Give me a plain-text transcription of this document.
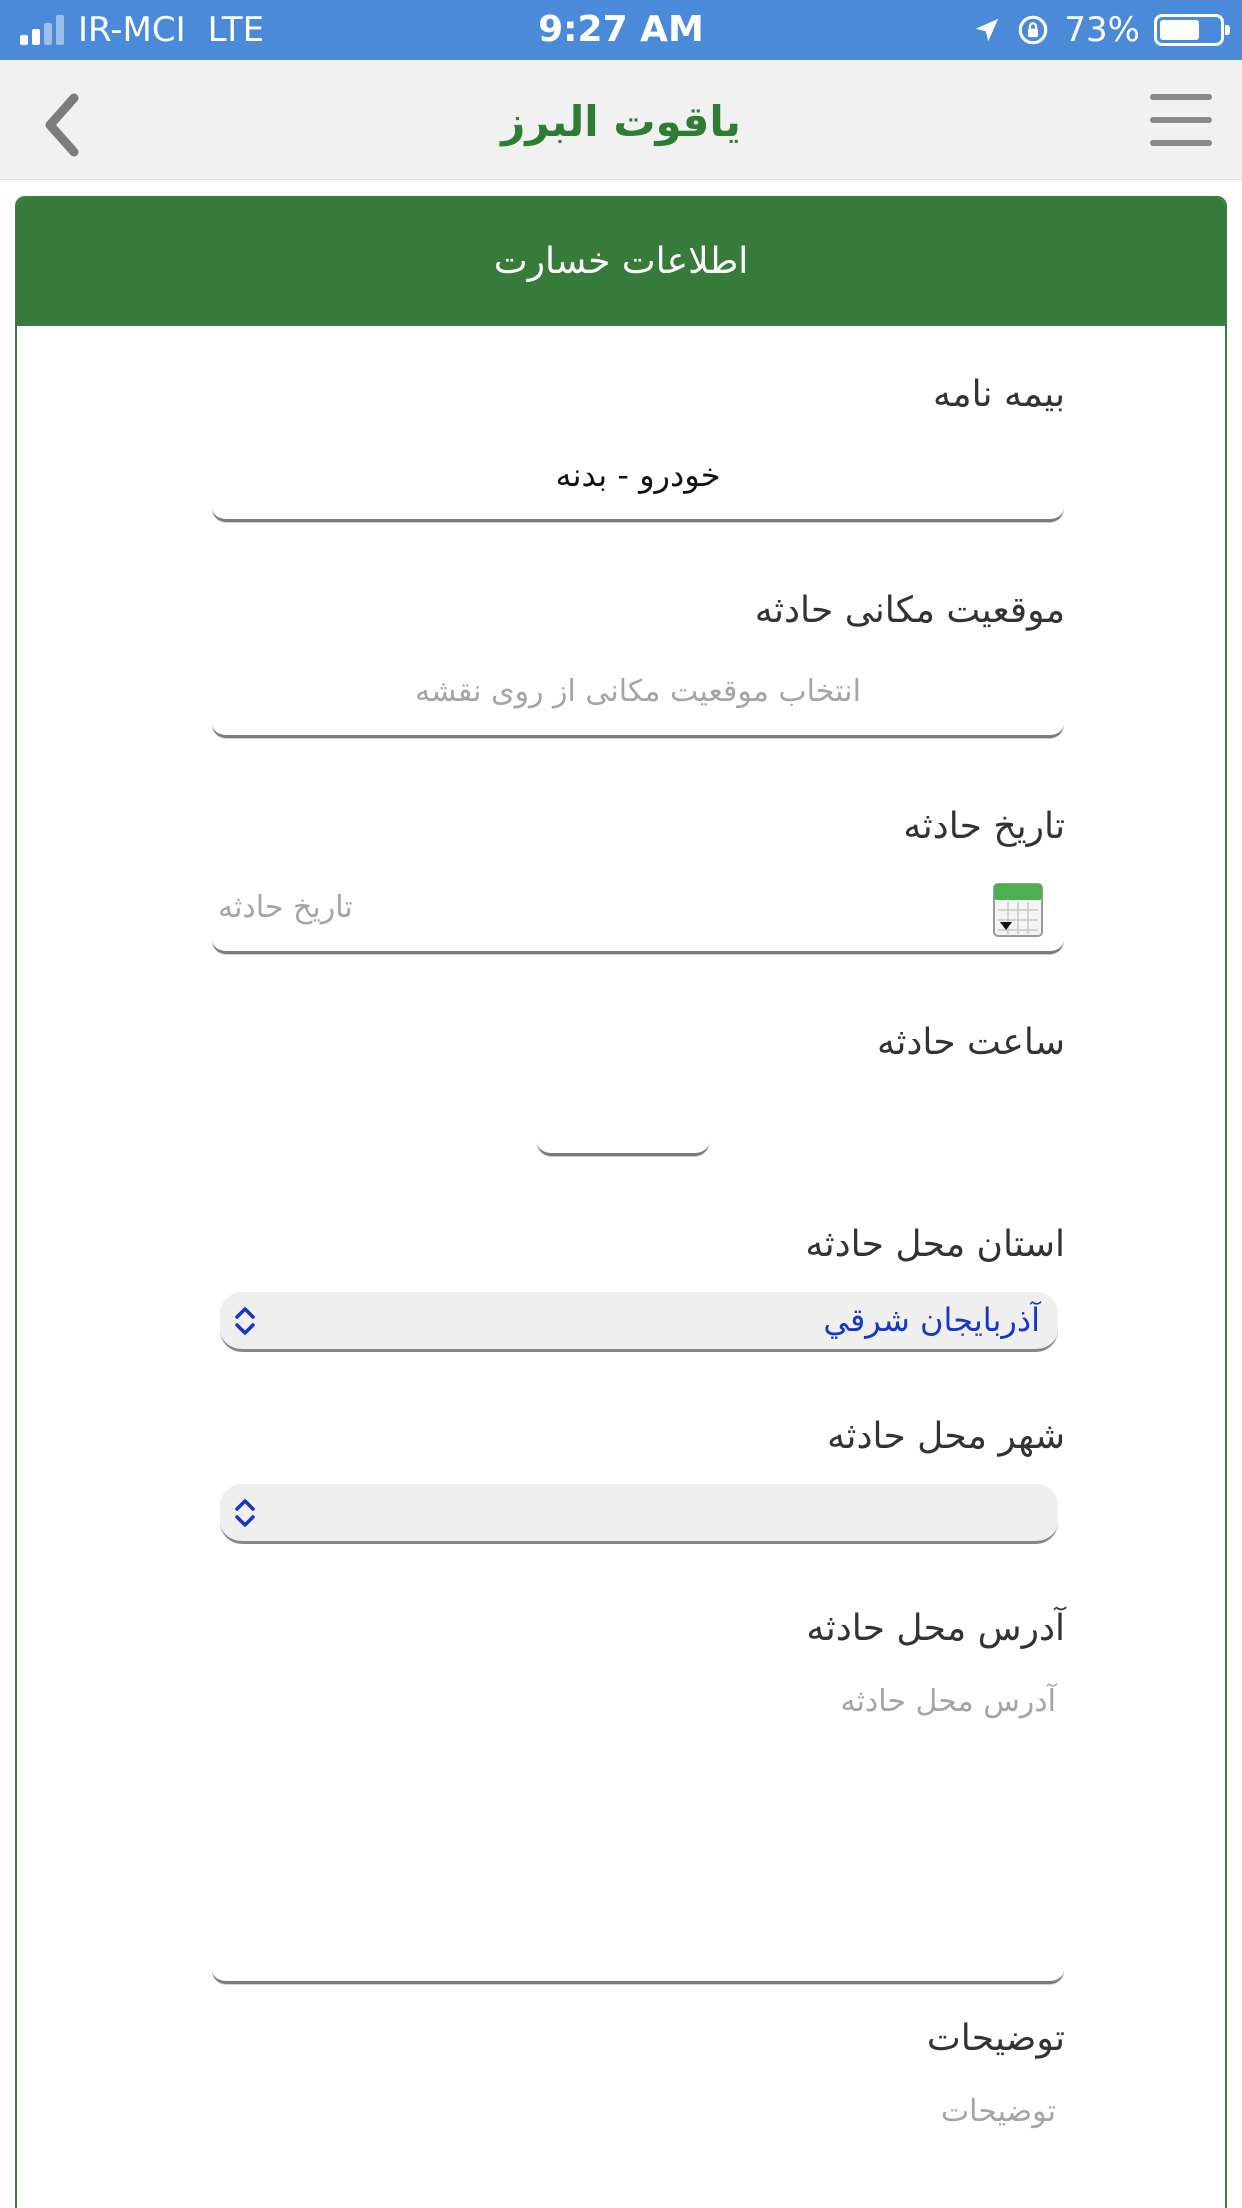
IR-MCI LTE	9:27 AM	73%
یاقوت البرز
اطلاعات خسارت
بیمه نامه
خودرو - بدنه
موقعیت مکانی حادثه
انتخاب موقعیت مکانی از روی نقشه
تاریخ حادثه
تاریخ حادثه
ساعت حادثه
استان محل حادثه
آذربایجان شرقي
شهر محل حادثه
آدرس محل حادثه
آدرس محل حادثه
توضیحات
توضیحات
